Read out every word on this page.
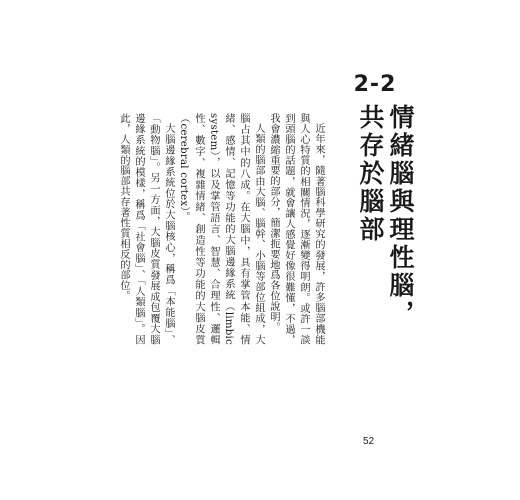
2-2
情緒腦與理性腦，共存於腦部

近年來，隨著腦科學研究的發展，許多腦部機能與人心特質的相關情況，逐漸變得明朗。或許一談到頭腦的話題，就會讓人感覺好像很難懂，不過，我會濃縮重要的部分，簡潔扼要地爲各位說明。

人類的腦部由大腦、腦幹、小腦等部位組成，大腦占其中的八成。在大腦中，具有掌管本能、情緒、感情、記憶等功能的大腦邊緣系統（limbic system），以及掌管語言、智慧、合理性、邏輯性、數字、複雜情緒、創造性等功能的大腦皮質（cerebral cortex）。

大腦邊緣系統位於大腦核心，稱爲「本能腦」、「動物腦」。另一方面，大腦皮質發展成包覆大腦邊緣系統的模樣，稱爲「社會腦」、「人類腦」。因此，人類的腦部共存著性質相反的部位。

52
